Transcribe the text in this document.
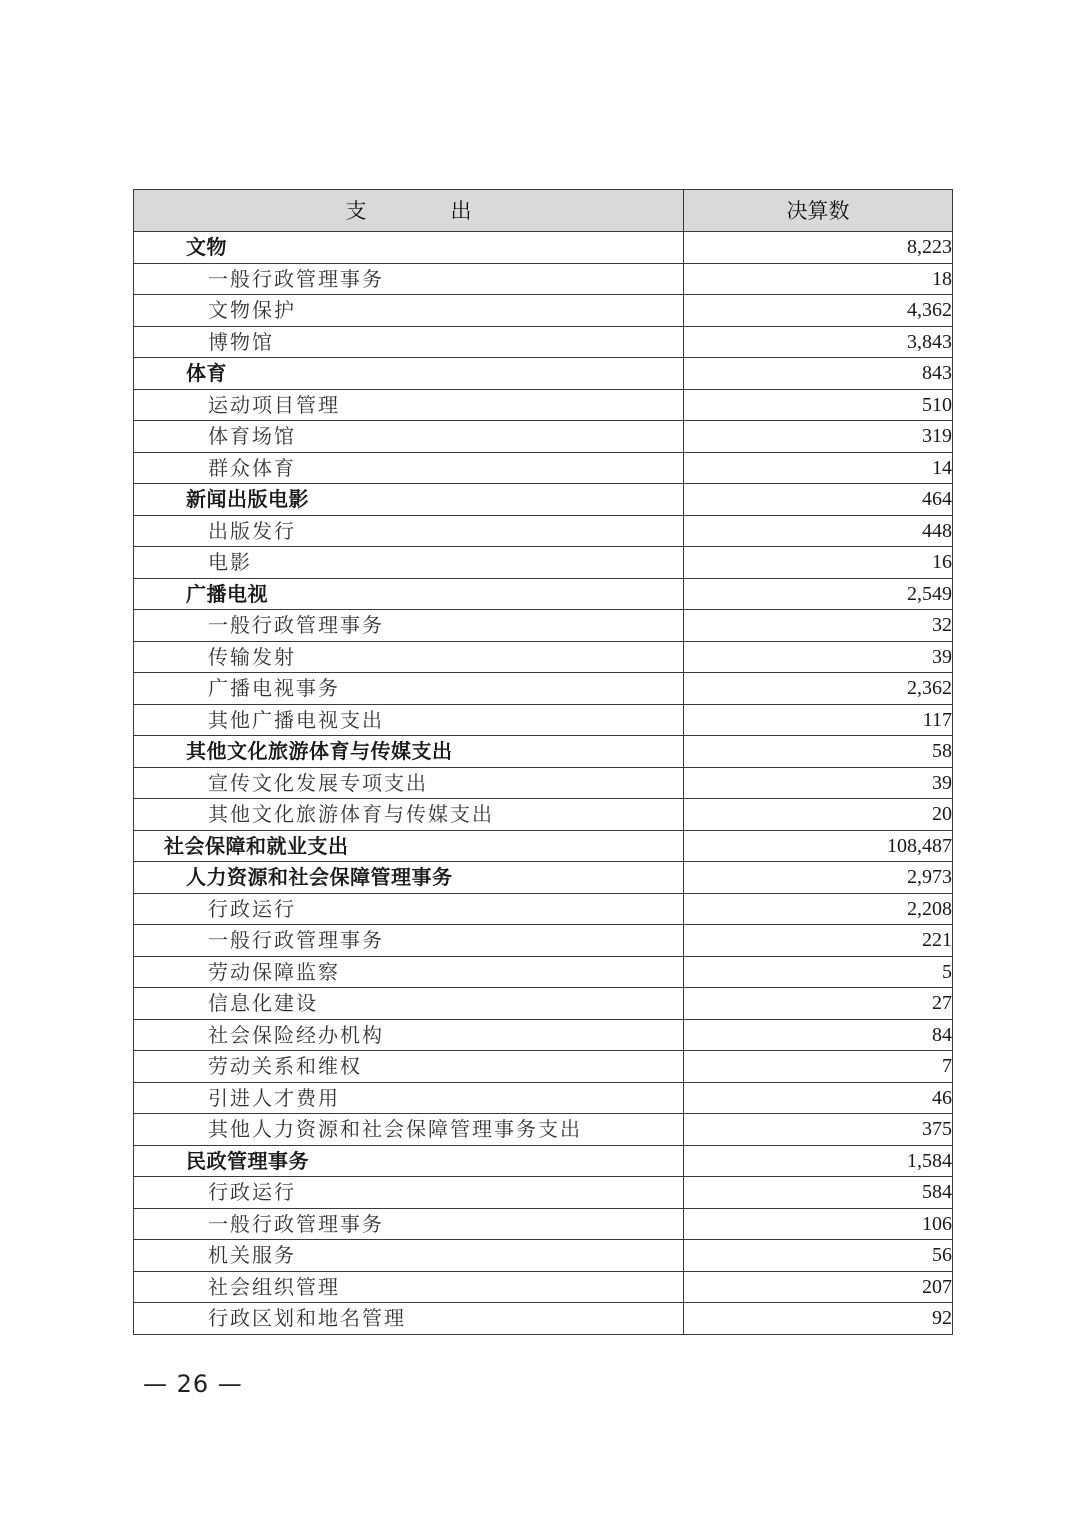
支　　　　出	决算数
文物	8,223
一般行政管理事务	18
文物保护	4,362
博物馆	3,843
体育	843
运动项目管理	510
体育场馆	319
群众体育	14
新闻出版电影	464
出版发行	448
电影	16
广播电视	2,549
一般行政管理事务	32
传输发射	39
广播电视事务	2,362
其他广播电视支出	117
其他文化旅游体育与传媒支出	58
宣传文化发展专项支出	39
其他文化旅游体育与传媒支出	20
社会保障和就业支出	108,487
人力资源和社会保障管理事务	2,973
行政运行	2,208
一般行政管理事务	221
劳动保障监察	5
信息化建设	27
社会保险经办机构	84
劳动关系和维权	7
引进人才费用	46
其他人力资源和社会保障管理事务支出	375
民政管理事务	1,584
行政运行	584
一般行政管理事务	106
机关服务	56
社会组织管理	207
行政区划和地名管理	92
— 26 —
